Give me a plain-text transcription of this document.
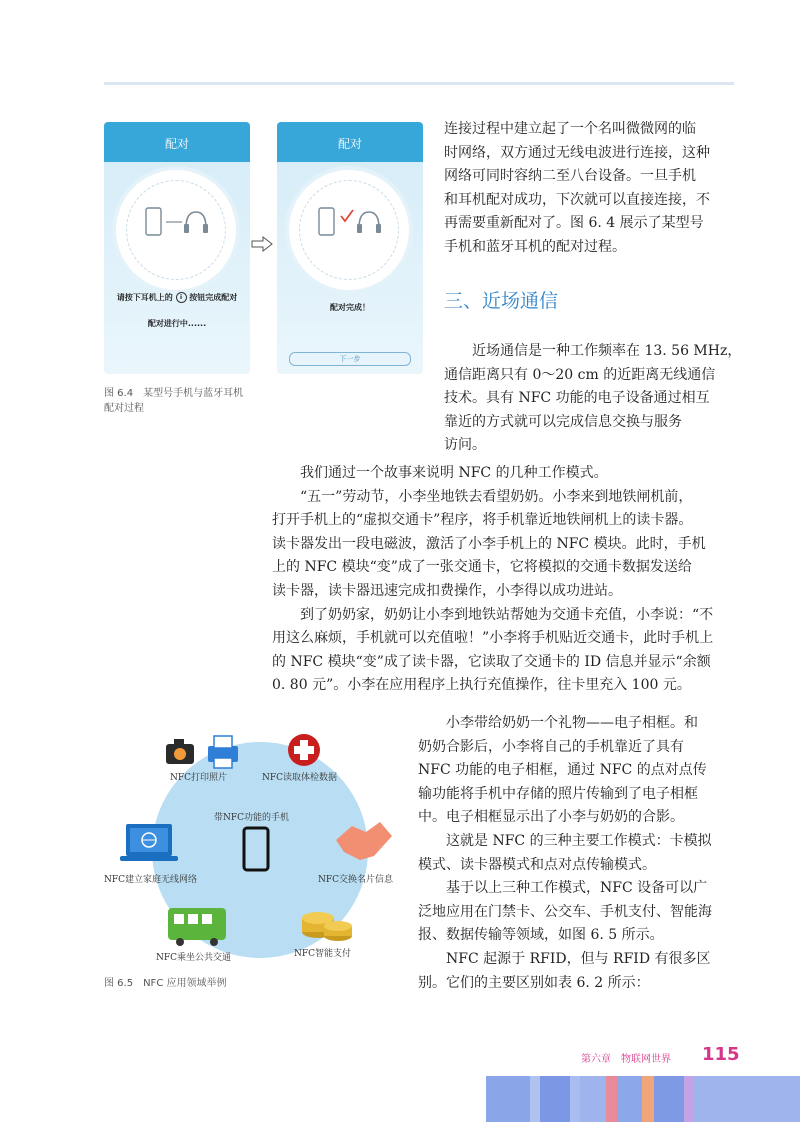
配对
请按下耳机上的 i 按钮完成配对
配对进行中......
配对
配对完成！
下一步
图 6.4　某型号手机与蓝牙耳机
配对过程
连接过程中建立起了一个名叫微微网的临
时网络，双方通过无线电波进行连接，这种
网络可同时容纳二至八台设备。一旦手机
和耳机配对成功，下次就可以直接连接，不
再需要重新配对了。图 6. 4 展示了某型号
手机和蓝牙耳机的配对过程。
三、近场通信
　　近场通信是一种工作频率在 13. 56 MHz，
通信距离只有 0～20 cm 的近距离无线通信
技术。具有 NFC 功能的电子设备通过相互
靠近的方式就可以完成信息交换与服务
访问。
　　我们通过一个故事来说明 NFC 的几种工作模式。
　　“五一”劳动节，小李坐地铁去看望奶奶。小李来到地铁闸机前，
打开手机上的“虚拟交通卡”程序，将手机靠近地铁闸机上的读卡器。
读卡器发出一段电磁波，激活了小李手机上的 NFC 模块。此时，手机
上的 NFC 模块“变”成了一张交通卡，它将模拟的交通卡数据发送给
读卡器，读卡器迅速完成扣费操作，小李得以成功进站。
　　到了奶奶家，奶奶让小李到地铁站帮她为交通卡充值，小李说：“不
用这么麻烦，手机就可以充值啦！”小李将手机贴近交通卡，此时手机上
的 NFC 模块“变”成了读卡器，它读取了交通卡的 ID 信息并显示“余额
0. 80 元”。小李在应用程序上执行充值操作，往卡里充入 100 元。
NFC打印照片	NFC读取体检数据
带NFC功能的手机
NFC建立家庭无线网络	NFC交换名片信息
NFC乘坐公共交通	NFC智能支付
图 6.5　NFC 应用领域举例
　　小李带给奶奶一个礼物——电子相框。和
奶奶合影后，小李将自己的手机靠近了具有
NFC 功能的电子相框，通过 NFC 的点对点传
输功能将手机中存储的照片传输到了电子相框
中。电子相框显示出了小李与奶奶的合影。
　　这就是 NFC 的三种主要工作模式：卡模拟
模式、读卡器模式和点对点传输模式。
　　基于以上三种工作模式，NFC 设备可以广
泛地应用在门禁卡、公交车、手机支付、智能海
报、数据传输等领域，如图 6. 5 所示。
　　NFC 起源于 RFID，但与 RFID 有很多区
别。它们的主要区别如表 6. 2 所示：
第六章　物联网世界 115
